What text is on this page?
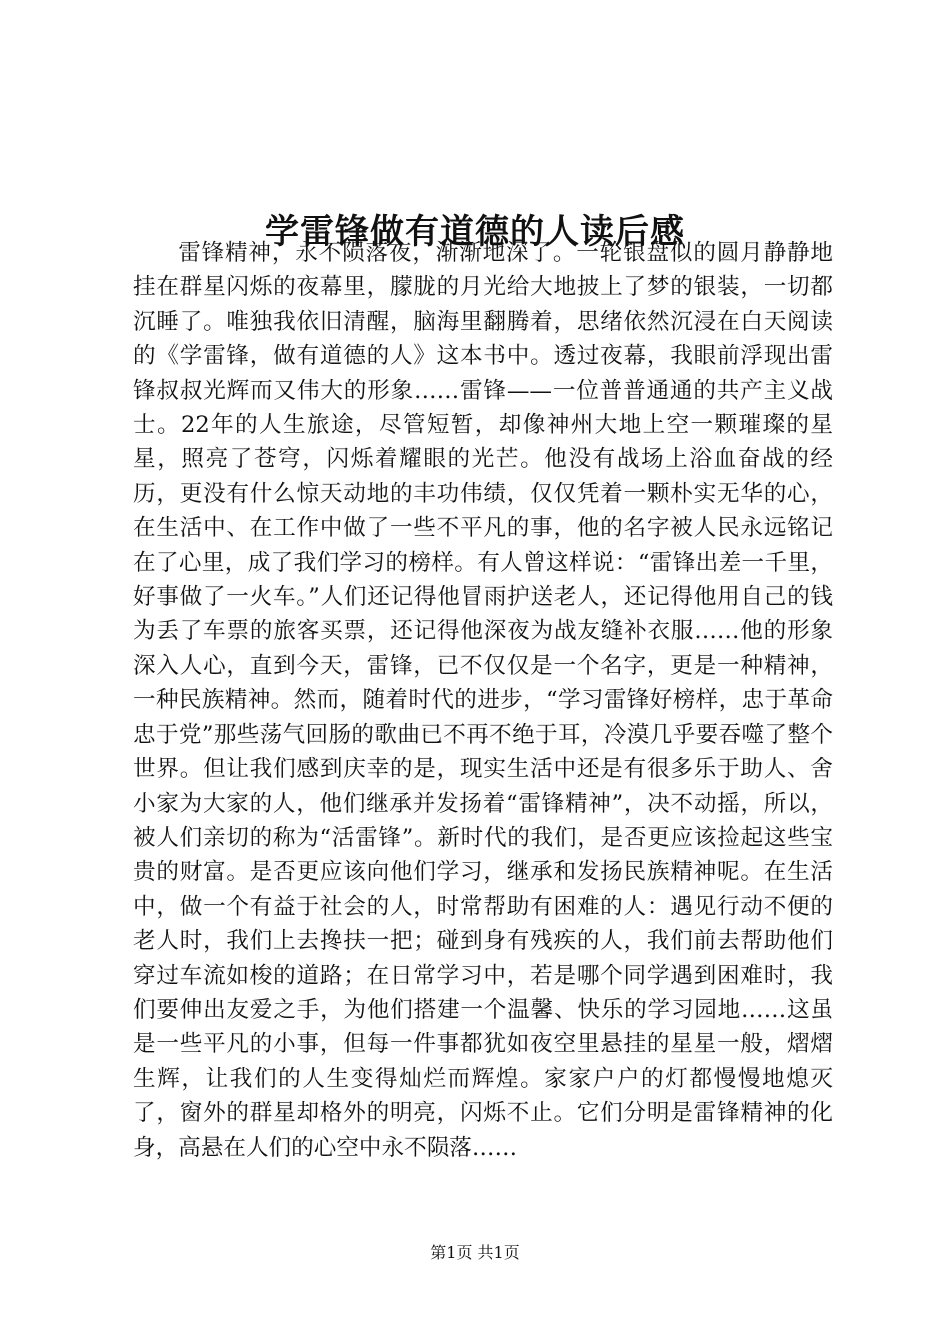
学雷锋做有道德的人读后感

雷锋精神，永不陨落夜，渐渐地深了。一轮银盘似的圆月静静地挂在群星闪烁的夜幕里，朦胧的月光给大地披上了梦的银装，一切都沉睡了。唯独我依旧清醒，脑海里翻腾着，思绪依然沉浸在白天阅读的《学雷锋，做有道德的人》这本书中。透过夜幕，我眼前浮现出雷锋叔叔光辉而又伟大的形象……雷锋——一位普普通通的共产主义战士。22年的人生旅途，尽管短暂，却像神州大地上空一颗璀璨的星星，照亮了苍穹，闪烁着耀眼的光芒。他没有战场上浴血奋战的经历，更没有什么惊天动地的丰功伟绩，仅仅凭着一颗朴实无华的心，在生活中、在工作中做了一些不平凡的事，他的名字被人民永远铭记在了心里，成了我们学习的榜样。有人曾这样说：“雷锋出差一千里，好事做了一火车。”人们还记得他冒雨护送老人，还记得他用自己的钱为丢了车票的旅客买票，还记得他深夜为战友缝补衣服……他的形象深入人心，直到今天，雷锋，已不仅仅是一个名字，更是一种精神，一种民族精神。然而，随着时代的进步，“学习雷锋好榜样，忠于革命忠于党”那些荡气回肠的歌曲已不再不绝于耳，冷漠几乎要吞噬了整个世界。但让我们感到庆幸的是，现实生活中还是有很多乐于助人、舍小家为大家的人，他们继承并发扬着“雷锋精神”，决不动摇，所以，被人们亲切的称为“活雷锋”。新时代的我们，是否更应该捡起这些宝贵的财富。是否更应该向他们学习，继承和发扬民族精神呢。在生活中，做一个有益于社会的人，时常帮助有困难的人：遇见行动不便的老人时，我们上去搀扶一把；碰到身有残疾的人，我们前去帮助他们穿过车流如梭的道路；在日常学习中，若是哪个同学遇到困难时，我们要伸出友爱之手，为他们搭建一个温馨、快乐的学习园地……这虽是一些平凡的小事，但每一件事都犹如夜空里悬挂的星星一般，熠熠生辉，让我们的人生变得灿烂而辉煌。家家户户的灯都慢慢地熄灭了，窗外的群星却格外的明亮，闪烁不止。它们分明是雷锋精神的化身，高悬在人们的心空中永不陨落……

第1页 共1页
